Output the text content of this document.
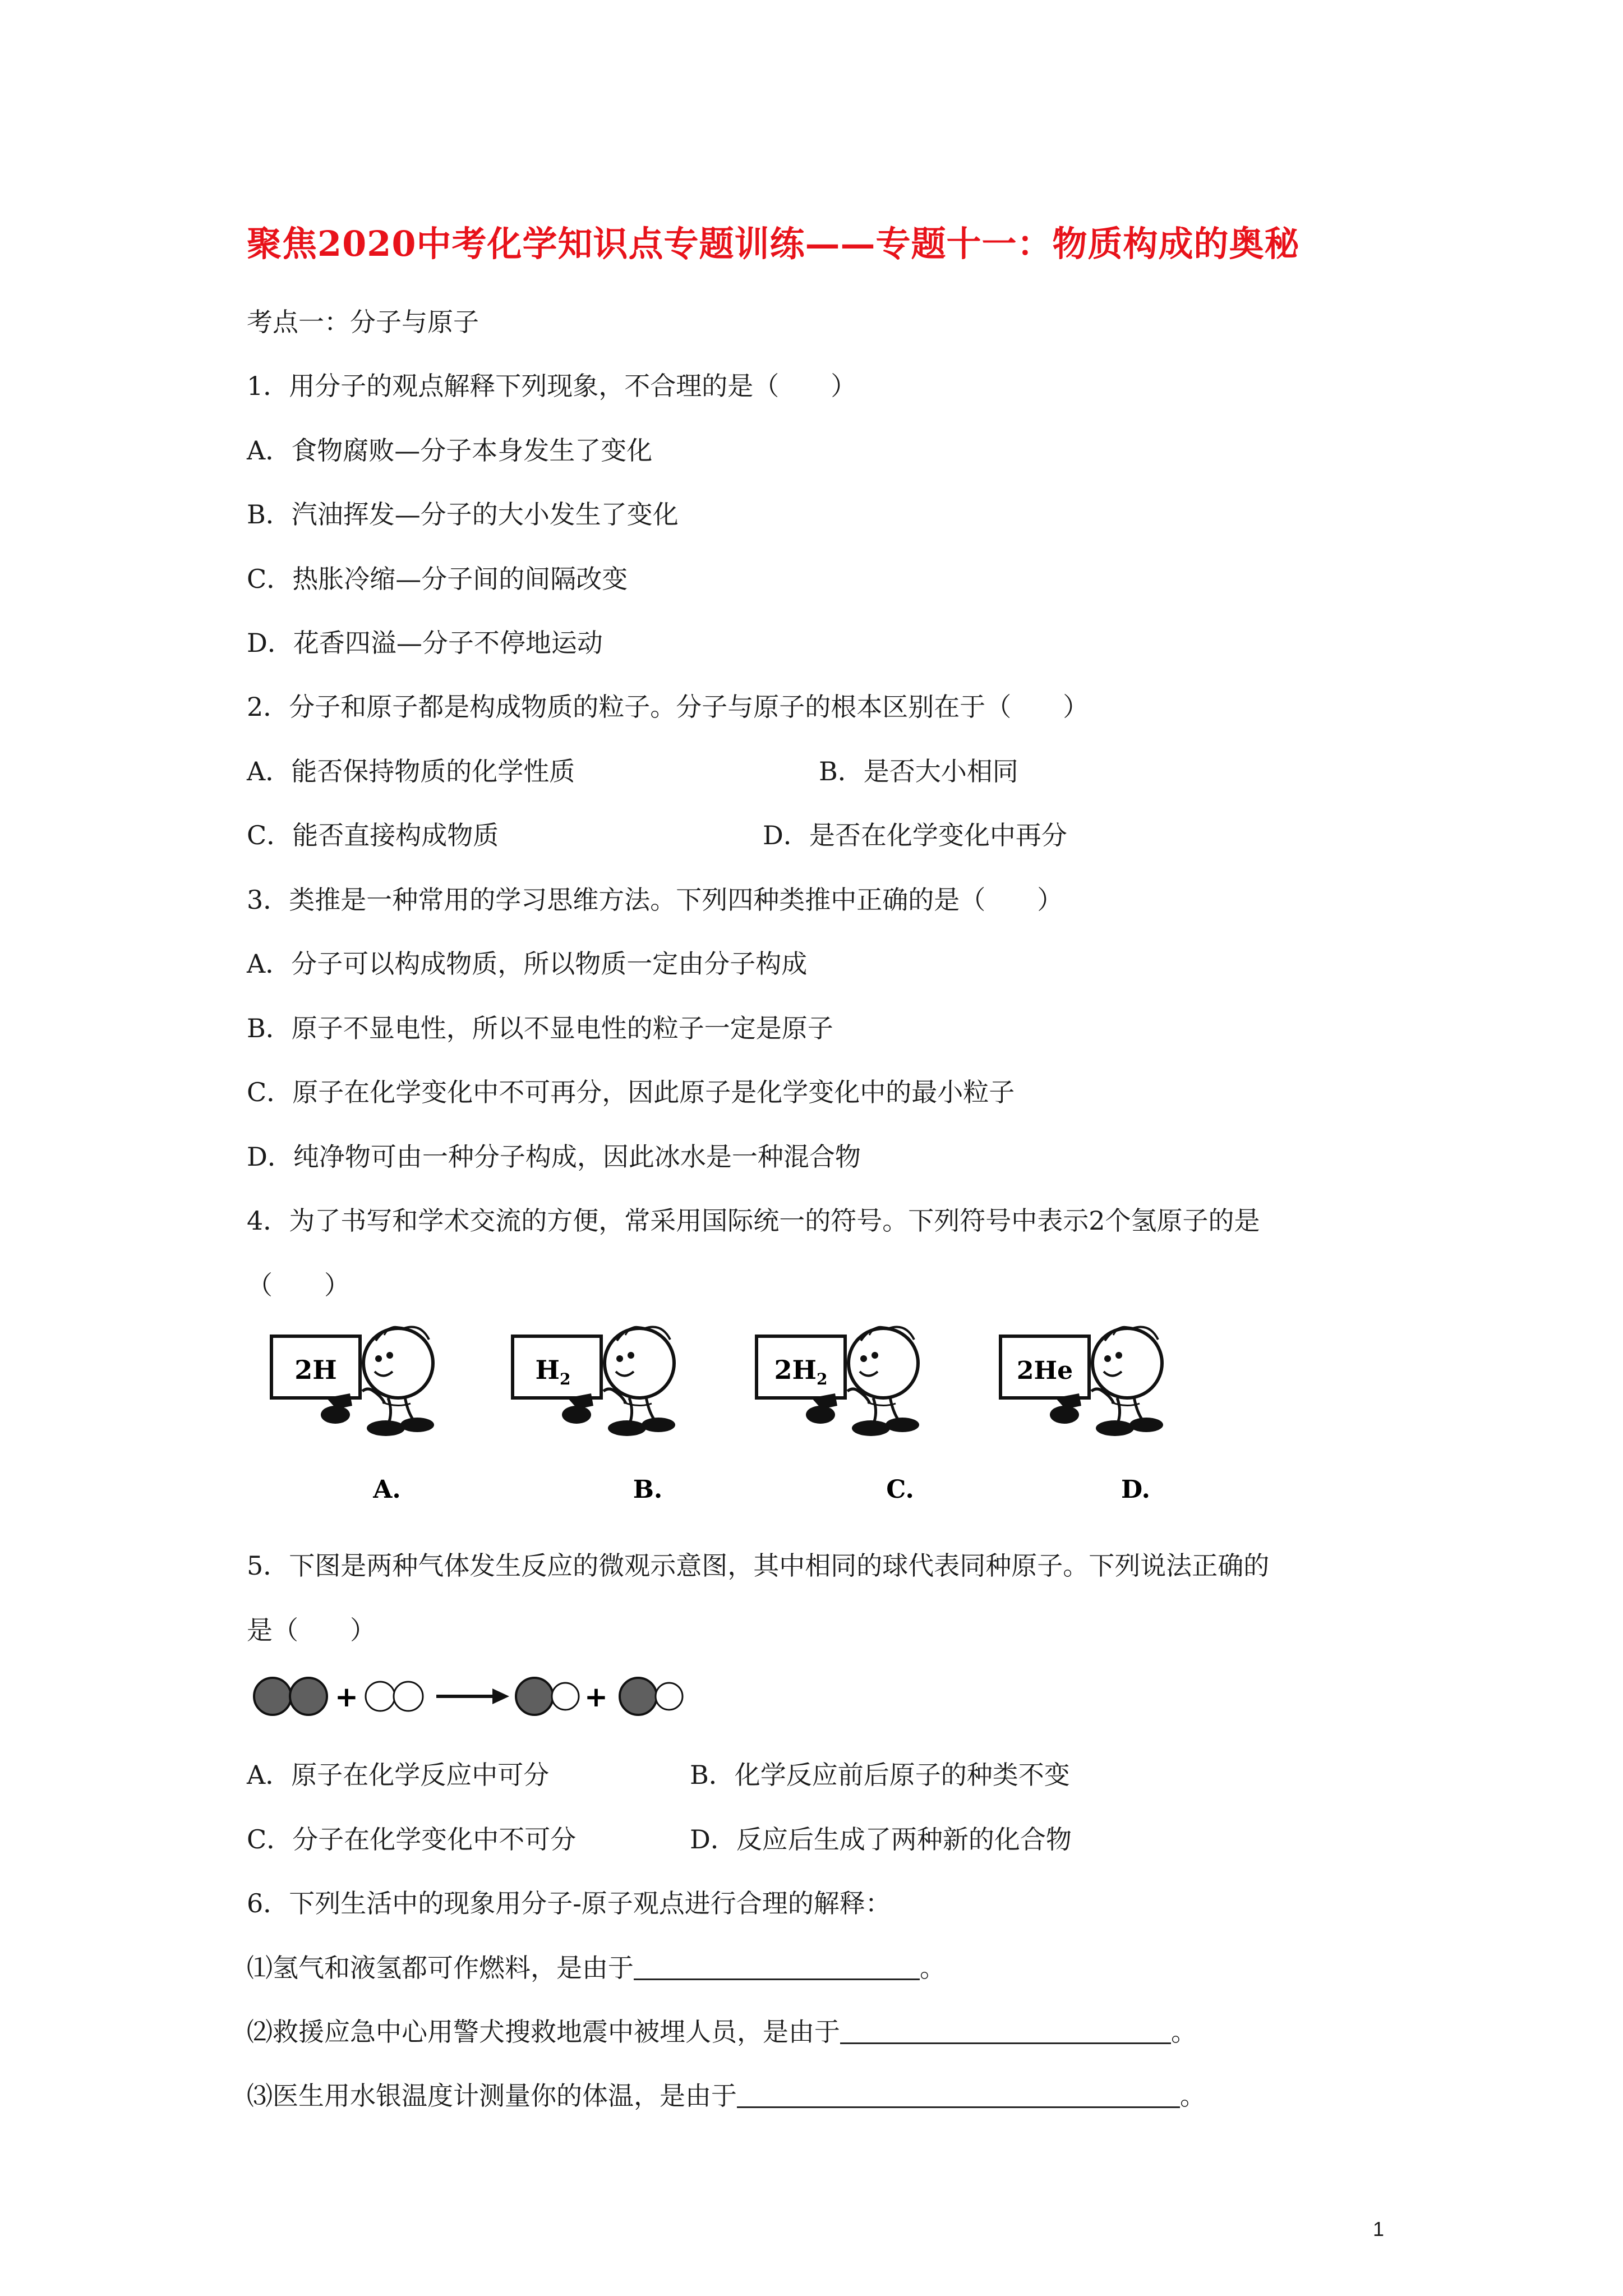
聚焦2020中考化学知识点专题训练——专题十一：物质构成的奥秘
考点一：分子与原子
1．用分子的观点解释下列现象，不合理的是（　　）
A．食物腐败—分子本身发生了变化
B．汽油挥发—分子的大小发生了变化
C．热胀冷缩—分子间的间隔改变
D．花香四溢—分子不停地运动
2．分子和原子都是构成物质的粒子。分子与原子的根本区别在于（　　）
A．能否保持物质的化学性质	B．是否大小相同
C．能否直接构成物质	D．是否在化学变化中再分
3．类推是一种常用的学习思维方法。下列四种类推中正确的是（　　）
A．分子可以构成物质，所以物质一定由分子构成
B．原子不显电性，所以不显电性的粒子一定是原子
C．原子在化学变化中不可再分，因此原子是化学变化中的最小粒子
D．纯净物可由一种分子构成，因此冰水是一种混合物
4．为了书写和学术交流的方便，常采用国际统一的符号。下列符号中表示2个氢原子的是
（　　）
2H
A.
$H_2$
B.
$2H_2$
C.
2He
D.
5．下图是两种气体发生反应的微观示意图，其中相同的球代表同种原子。下列说法正确的
是（　　）
+	+
A．原子在化学反应中可分	B．化学反应前后原子的种类不变
C．分子在化学变化中不可分	D．反应后生成了两种新的化合物
6．下列生活中的现象用分子-原子观点进行合理的解释：
⑴氢气和液氢都可作燃料，是由于	。
⑵救援应急中心用警犬搜救地震中被埋人员，是由于	。
⑶医生用水银温度计测量你的体温，是由于	。
1
